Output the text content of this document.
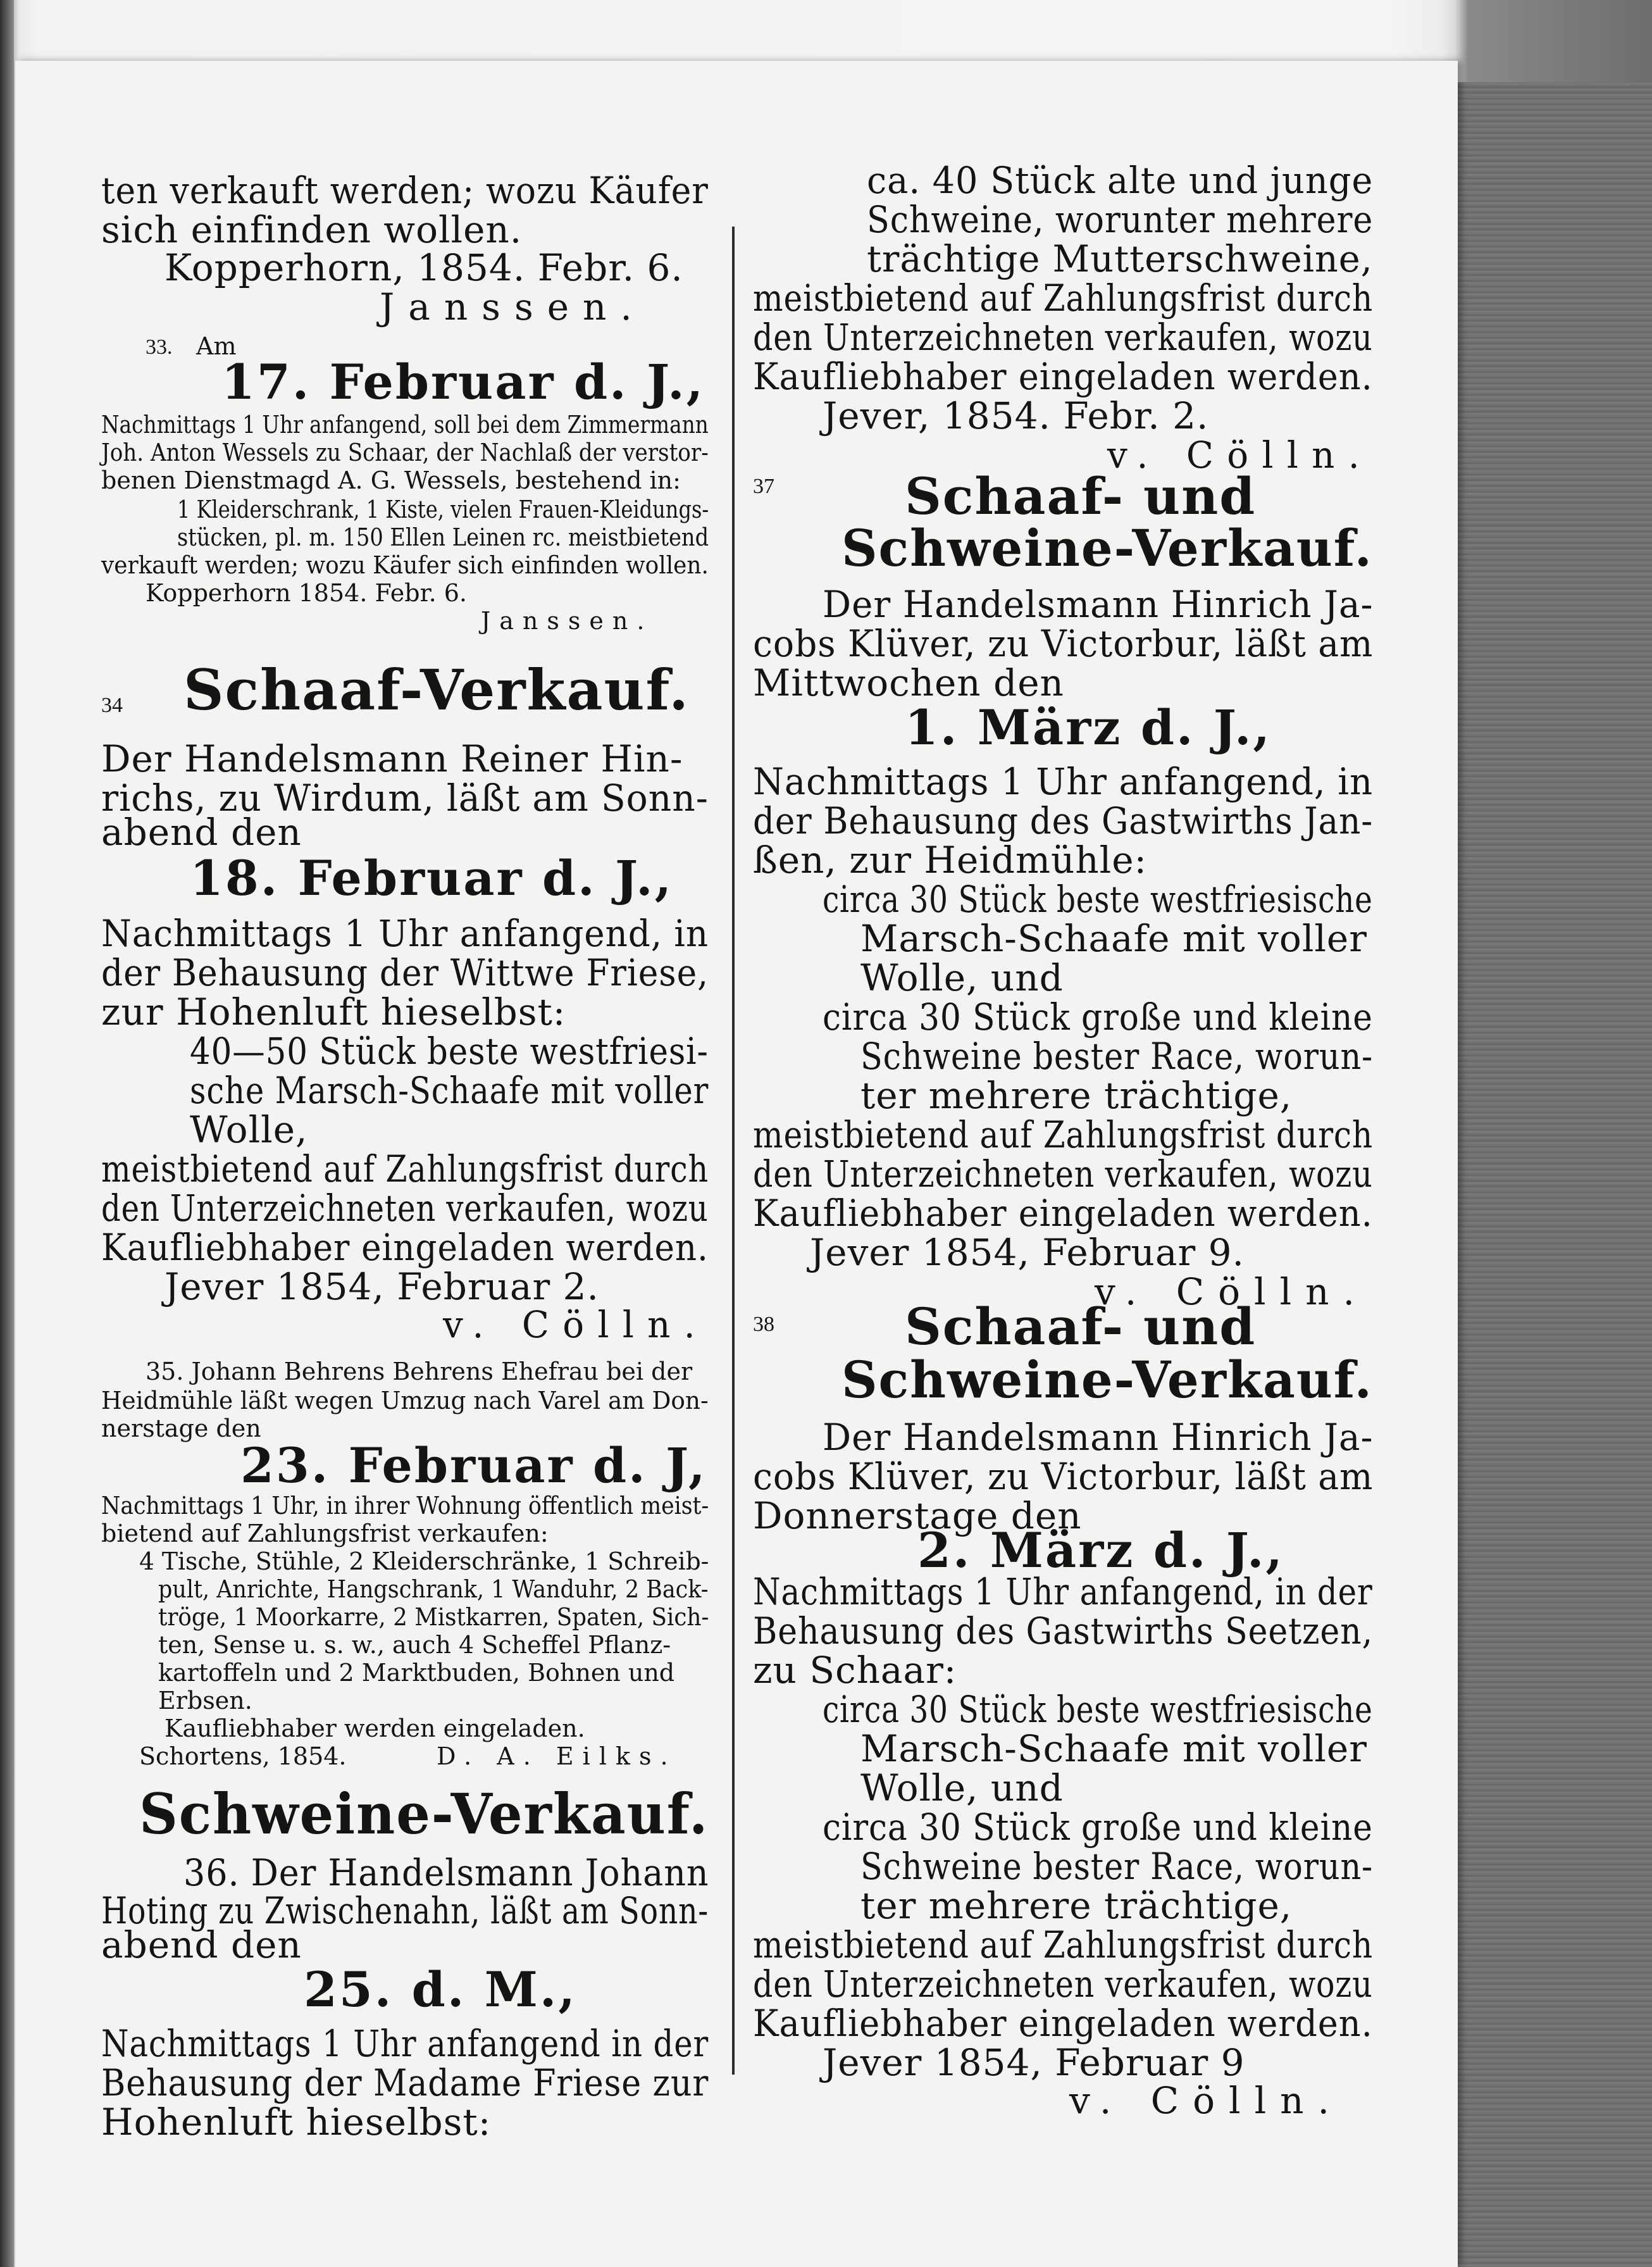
ten verkauft werden; wozu Käufer
sich einfinden wollen.
Kopperhorn, 1854. Febr. 6.
Janssen.
33. Am
17. Februar d. J.,
Nachmittags 1 Uhr anfangend, soll bei dem Zimmermann
Joh. Anton Wessels zu Schaar, der Nachlaß der verstor-
benen Dienstmagd A. G. Wessels, bestehend in:
1 Kleiderschrank, 1 Kiste, vielen Frauen-Kleidungs-
stücken, pl. m. 150 Ellen Leinen rc. meistbietend
verkauft werden; wozu Käufer sich einfinden wollen.
Kopperhorn 1854. Febr. 6.
Janssen.
34 Schaaf-Verkauf.
Der Handelsmann Reiner Hin-
richs, zu Wirdum, läßt am Sonn-
abend den
18. Februar d. J.,
Nachmittags 1 Uhr anfangend, in
der Behausung der Wittwe Friese,
zur Hohenluft hieselbst:
40—50 Stück beste westfriesi-
sche Marsch-Schaafe mit voller
Wolle,
meistbietend auf Zahlungsfrist durch
den Unterzeichneten verkaufen, wozu
Kaufliebhaber eingeladen werden.
Jever 1854, Februar 2.
v. Cölln.
35. Johann Behrens Behrens Ehefrau bei der
Heidmühle läßt wegen Umzug nach Varel am Don-
nerstage den
23. Februar d. J,
Nachmittags 1 Uhr, in ihrer Wohnung öffentlich meist-
bietend auf Zahlungsfrist verkaufen:
4 Tische, Stühle, 2 Kleiderschränke, 1 Schreib-
pult, Anrichte, Hangschrank, 1 Wanduhr, 2 Back-
tröge, 1 Moorkarre, 2 Mistkarren, Spaten, Sich-
ten, Sense u. s. w., auch 4 Scheffel Pflanz-
kartoffeln und 2 Marktbuden, Bohnen und
Erbsen.
Kaufliebhaber werden eingeladen.
Schortens, 1854.	D. A. Eilks.
Schweine-Verkauf.
36. Der Handelsmann Johann
Hoting zu Zwischenahn, läßt am Sonn-
abend den
25. d. M.,
Nachmittags 1 Uhr anfangend in der
Behausung der Madame Friese zur
Hohenluft hieselbst:
ca. 40 Stück alte und junge
Schweine, worunter mehrere
trächtige Mutterschweine,
meistbietend auf Zahlungsfrist durch
den Unterzeichneten verkaufen, wozu
Kaufliebhaber eingeladen werden.
Jever, 1854. Febr. 2.
v. Cölln.
37	Schaaf- und
Schweine-Verkauf.
Der Handelsmann Hinrich Ja-
cobs Klüver, zu Victorbur, läßt am
Mittwochen den
1. März d. J.,
Nachmittags 1 Uhr anfangend, in
der Behausung des Gastwirths Jan-
ßen, zur Heidmühle:
circa 30 Stück beste westfriesische
Marsch-Schaafe mit voller
Wolle, und
circa 30 Stück große und kleine
Schweine bester Race, worun-
ter mehrere trächtige,
meistbietend auf Zahlungsfrist durch
den Unterzeichneten verkaufen, wozu
Kaufliebhaber eingeladen werden.
Jever 1854, Februar 9.
v. Cölln.
38	Schaaf- und
Schweine-Verkauf.
Der Handelsmann Hinrich Ja-
cobs Klüver, zu Victorbur, läßt am
Donnerstage den
2. März d. J.,
Nachmittags 1 Uhr anfangend, in der
Behausung des Gastwirths Seetzen,
zu Schaar:
circa 30 Stück beste westfriesische
Marsch-Schaafe mit voller
Wolle, und
circa 30 Stück große und kleine
Schweine bester Race, worun-
ter mehrere trächtige,
meistbietend auf Zahlungsfrist durch
den Unterzeichneten verkaufen, wozu
Kaufliebhaber eingeladen werden.
Jever 1854, Februar 9
v. Cölln.
